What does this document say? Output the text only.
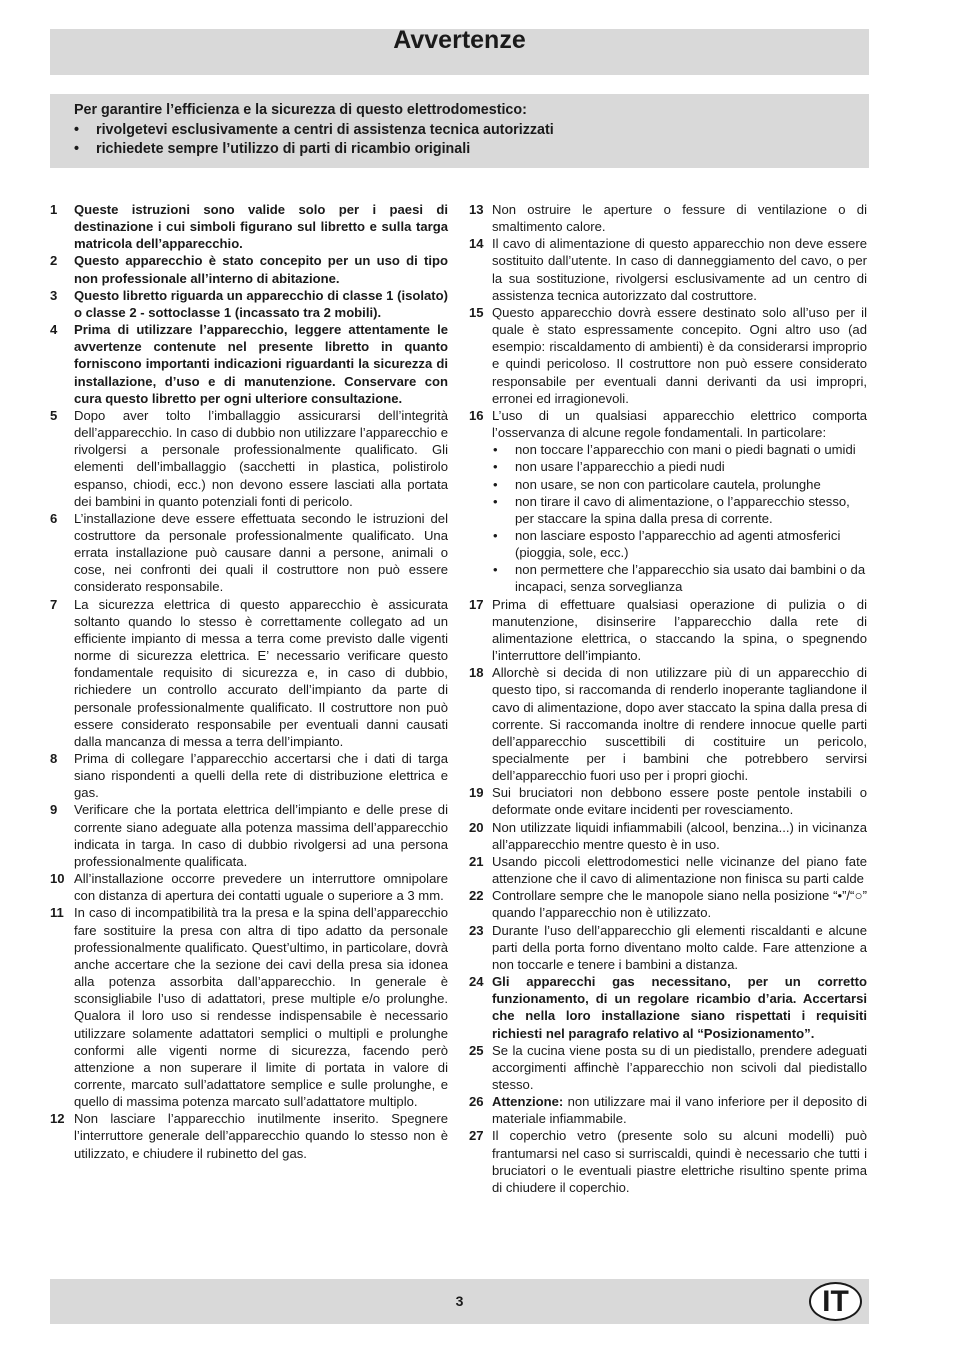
Avvertenze
Per garantire l’efficienza e la sicurezza di questo elettrodomestico:
•	rivolgetevi esclusivamente a centri di assistenza tecnica autorizzati
•	richiedete sempre l’utilizzo di parti di ricambio originali
1	Queste istruzioni sono valide solo per i paesi di destinazione i cui simboli figurano sul libretto e sulla targa matricola dell’apparecchio.
2	Questo apparecchio è stato concepito per un uso di tipo non professionale all’interno di abitazione.
3	Questo libretto riguarda un apparecchio di classe 1 (isolato) o classe 2 - sottoclasse 1 (incassato tra 2 mobili).
4	Prima di utilizzare l’apparecchio, leggere attentamente le avvertenze contenute nel presente libretto in quanto forniscono importanti indicazioni riguardanti la sicurezza di installazione, d’uso e di manutenzione. Conservare con cura questo libretto per ogni ulteriore consultazione.
5	Dopo aver tolto l’imballaggio assicurarsi dell’integrità dell’apparecchio. In caso di dubbio non utilizzare l’apparecchio e rivolgersi a personale professionalmente qualificato. Gli elementi dell’imballaggio (sacchetti in plastica, polistirolo espanso, chiodi, ecc.) non devono essere lasciati alla portata dei bambini in quanto potenziali fonti di pericolo.
6	L’installazione deve essere effettuata secondo le istruzioni del costruttore da personale professionalmente qualificato. Una errata installazione può causare danni a persone, animali o cose, nei confronti dei quali il costruttore non può essere considerato responsabile.
7	La sicurezza elettrica di questo apparecchio è assicurata soltanto quando lo stesso è correttamente collegato ad un efficiente impianto di messa a terra come previsto dalle vigenti norme di sicurezza elettrica. E’ necessario verificare questo fondamentale requisito di sicurezza e, in caso di dubbio, richiedere un controllo accurato dell’impianto da parte di personale professionalmente qualificato. Il costruttore non può essere considerato responsabile per eventuali danni causati dalla mancanza di messa a terra dell’impianto.
8	Prima di collegare l’apparecchio accertarsi che i dati di targa siano rispondenti a quelli della rete di distribuzione elettrica e gas.
9	Verificare che la portata elettrica dell’impianto e delle prese di corrente siano adeguate alla potenza massima dell’apparecchio indicata in targa. In caso di dubbio rivolgersi ad una persona professionalmente qualificata.
10 All’installazione occorre prevedere un interruttore omnipolare con distanza di apertura dei contatti uguale o superiore a 3 mm.
11 In caso di incompatibilità tra la presa e la spina dell’apparecchio fare sostituire la presa con altra di tipo adatto da personale professionalmente qualificato. Quest’ultimo, in particolare, dovrà anche accertare che la sezione dei cavi della presa sia idonea alla potenza assorbita dall’apparecchio. In generale è sconsigliabile l’uso di adattatori, prese multiple e/o prolunghe. Qualora il loro uso si rendesse indispensabile è necessario utilizzare solamente adattatori semplici o multipli e prolunghe conformi alle vigenti norme di sicurezza, facendo però attenzione a non superare il limite di portata in valore di corrente, marcato sull’adattatore semplice e sulle prolunghe, e quello di massima potenza marcato sull’adattatore multiplo.
12 Non lasciare l’apparecchio inutilmente inserito. Spegnere l’interruttore generale dell’apparecchio quando lo stesso non è utilizzato, e chiudere il rubinetto del gas.
13 Non ostruire le aperture o fessure di ventilazione o di smaltimento calore.
14 Il cavo di alimentazione di questo apparecchio non deve essere sostituito dall’utente. In caso di danneggiamento del cavo, o per la sua sostituzione, rivolgersi esclusivamente ad un centro di assistenza tecnica autorizzato dal costruttore.
15 Questo apparecchio dovrà essere destinato solo all’uso per il quale è stato espressamente concepito. Ogni altro uso (ad esempio: riscaldamento di ambienti) è da considerarsi improprio e quindi pericoloso. Il costruttore non può essere considerato responsabile per eventuali danni derivanti da usi impropri, erronei ed irragionevoli.
16 L’uso di un qualsiasi apparecchio elettrico comporta l’osservanza di alcune regole fondamentali. In particolare:
•	non toccare l’apparecchio con mani o piedi bagnati o umidi
•	non usare l’apparecchio a piedi nudi
•	non usare, se non con particolare cautela, prolunghe
•	non tirare il cavo di alimentazione, o l’apparecchio stesso, per staccare la spina dalla presa di corrente.
•	non lasciare esposto l’apparecchio ad agenti atmosferici (pioggia, sole, ecc.)
•	non permettere che l’apparecchio sia usato dai bambini o da incapaci, senza sorveglianza
17 Prima di effettuare qualsiasi operazione di pulizia o di manutenzione, disinserire l’apparecchio dalla rete di alimentazione elettrica, o staccando la spina, o spegnendo l’interruttore dell’impianto.
18 Allorchè si decida di non utilizzare più di un apparecchio di questo tipo, si raccomanda di renderlo inoperante tagliandone il cavo di alimentazione, dopo aver staccato la spina dalla presa di corrente. Si raccomanda inoltre di rendere innocue quelle parti dell’apparecchio suscettibili di costituire un pericolo, specialmente per i bambini che potrebbero servirsi dell’apparecchio fuori uso per i propri giochi.
19 Sui bruciatori non debbono essere poste pentole instabili o deformate onde evitare incidenti per rovesciamento.
20 Non utilizzate liquidi infiammabili (alcool, benzina...) in vicinanza all’apparecchio mentre questo è in uso.
21 Usando piccoli elettrodomestici nelle vicinanze del piano fate attenzione che il cavo di alimentazione non finisca su parti calde
22 Controllare sempre che le manopole siano nella posizione “•”/“○” quando l’apparecchio non è utilizzato.
23 Durante l’uso dell’apparecchio gli elementi riscaldanti e alcune parti della porta forno diventano molto calde. Fare attenzione a non toccarle e tenere i bambini a distanza.
24 Gli apparecchi gas necessitano, per un corretto funzionamento, di un regolare ricambio d’aria. Accertarsi che nella loro installazione siano rispettati i requisiti richiesti nel paragrafo relativo al “Posizionamento”.
25 Se la cucina viene posta su di un piedistallo, prendere adeguati accorgimenti affinchè l’apparecchio non scivoli dal piedistallo stesso.
26 Attenzione: non utilizzare mai il vano inferiore per il deposito di materiale infiammabile.
27 Il coperchio vetro (presente solo su alcuni modelli) può frantumarsi nel caso si surriscaldi, quindi è necessario che tutti i bruciatori o le eventuali piastre elettriche risultino spente prima di chiudere il coperchio.
3	IT
